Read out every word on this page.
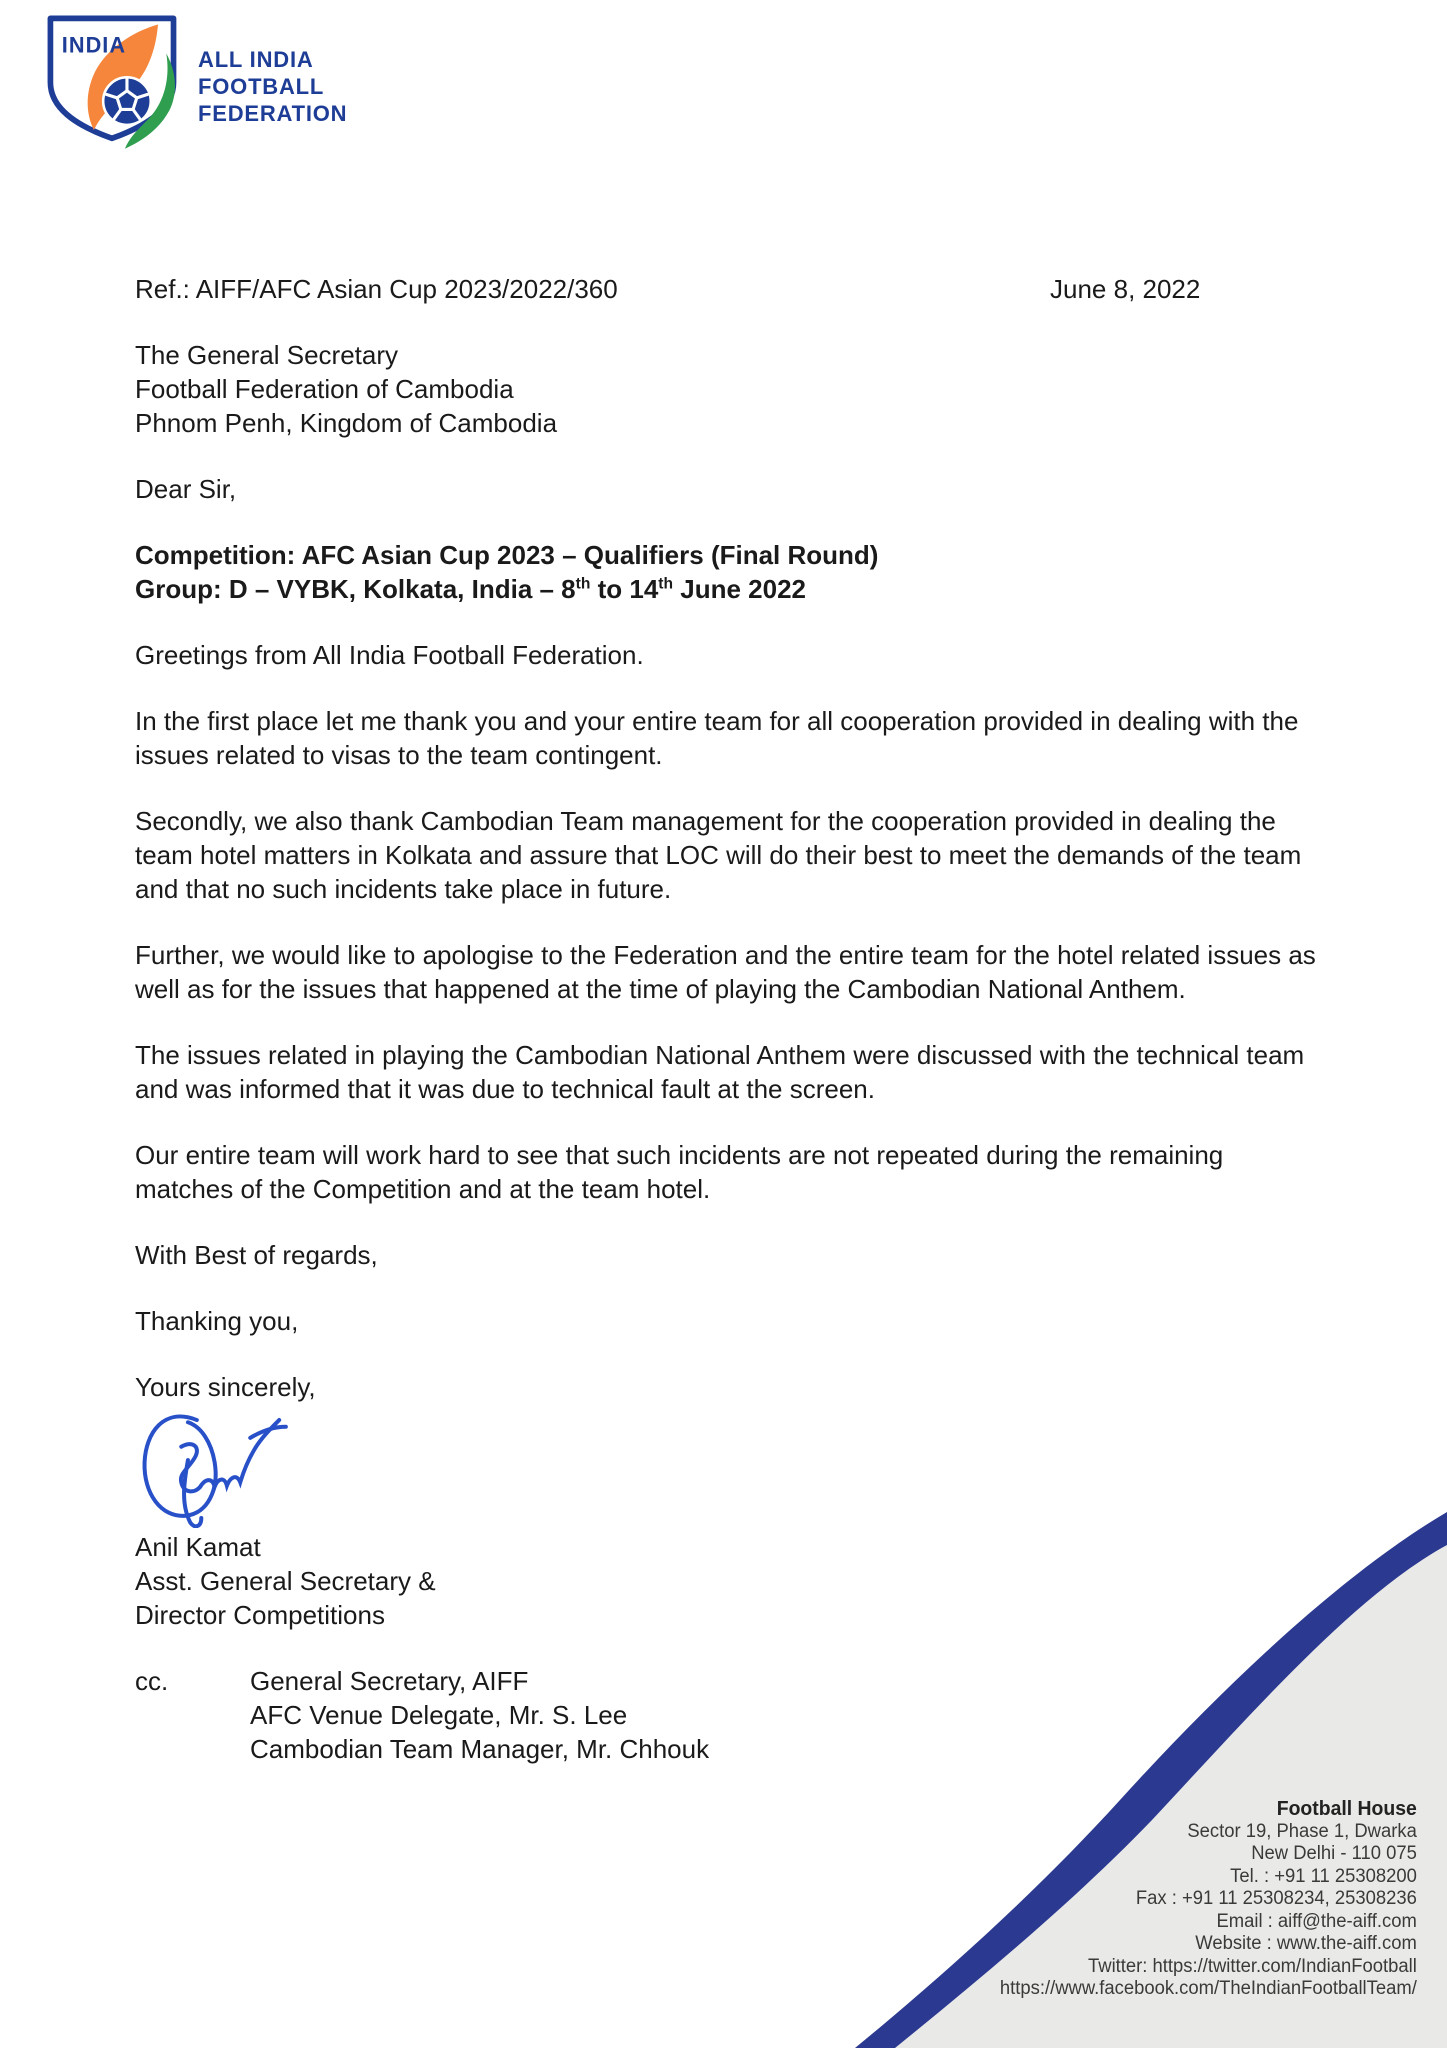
INDIA
ALL INDIA
FOOTBALL
FEDERATION
Ref.: AIFF/AFC Asian Cup 2023/2022/360	June 8, 2022
The General Secretary
Football Federation of Cambodia
Phnom Penh, Kingdom of Cambodia
Dear Sir,
Competition: AFC Asian Cup 2023 – Qualifiers (Final Round)
Group: D – VYBK, Kolkata, India – 8th to 14th June 2022

Greetings from All India Football Federation.

In the first place let me thank you and your entire team for all cooperation provided in dealing with the issues related to visas to the team contingent.

Secondly, we also thank Cambodian Team management for the cooperation provided in dealing the team hotel matters in Kolkata and assure that LOC will do their best to meet the demands of the team and that no such incidents take place in future.

Further, we would like to apologise to the Federation and the entire team for the hotel related issues as well as for the issues that happened at the time of playing the Cambodian National Anthem.

The issues related in playing the Cambodian National Anthem were discussed with the technical team and was informed that it was due to technical fault at the screen.

Our entire team will work hard to see that such incidents are not repeated during the remaining matches of the Competition and at the team hotel.

With Best of regards,
Thanking you,
Yours sincerely,
Anil Kamat
Asst. General Secretary &
Director Competitions
cc.	General Secretary, AIFF
AFC Venue Delegate, Mr. S. Lee
Cambodian Team Manager, Mr. Chhouk
Football House
Sector 19, Phase 1, Dwarka
New Delhi - 110 075
Tel. : +91 11 25308200
Fax : +91 11 25308234, 25308236
Email : aiff@the-aiff.com
Website : www.the-aiff.com
Twitter: https://twitter.com/IndianFootball
https://www.facebook.com/TheIndianFootballTeam/
